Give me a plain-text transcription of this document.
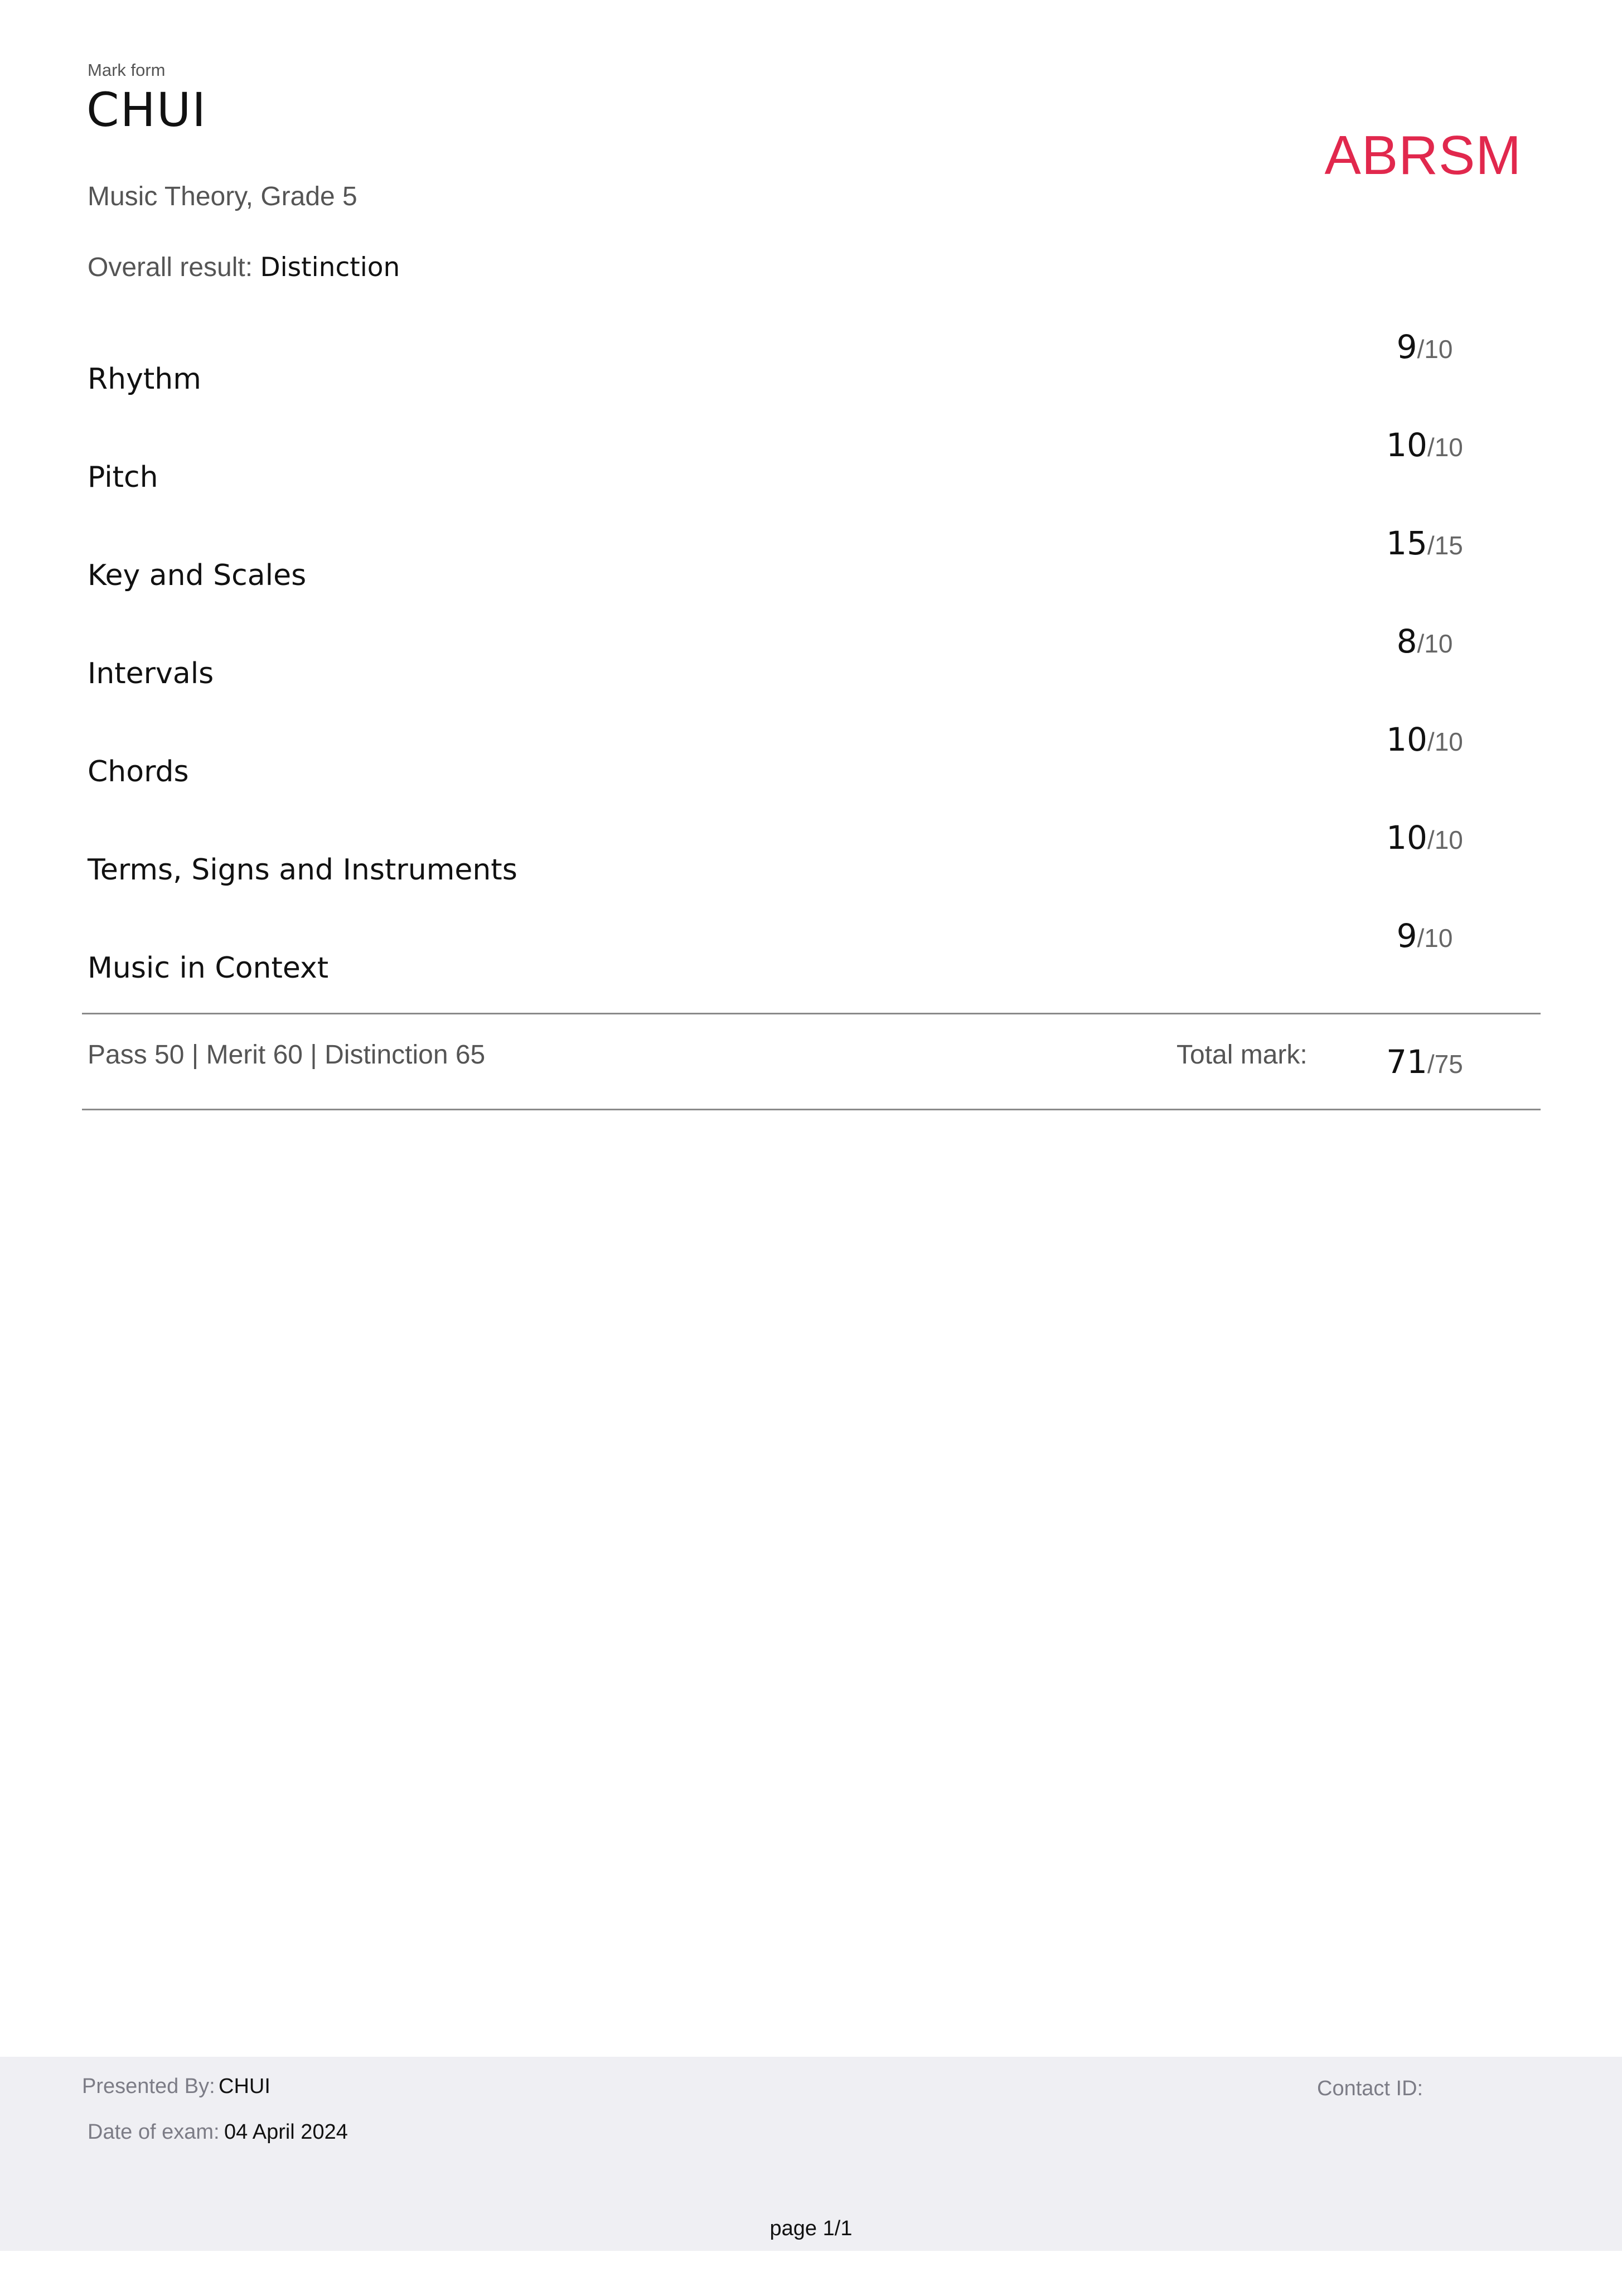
Mark form
CHUI
ABRSM
Music Theory, Grade 5
Overall result: Distinction
Rhythm
9/10
Pitch
10/10
Key and Scales
15/15
Intervals
8/10
Chords
10/10
Terms, Signs and Instruments
10/10
Music in Context
9/10
Pass 50 | Merit 60 | Distinction 65	Total mark:	71/75
Presented By: CHUI
Date of exam: 04 April 2024
Contact ID:
page 1/1
